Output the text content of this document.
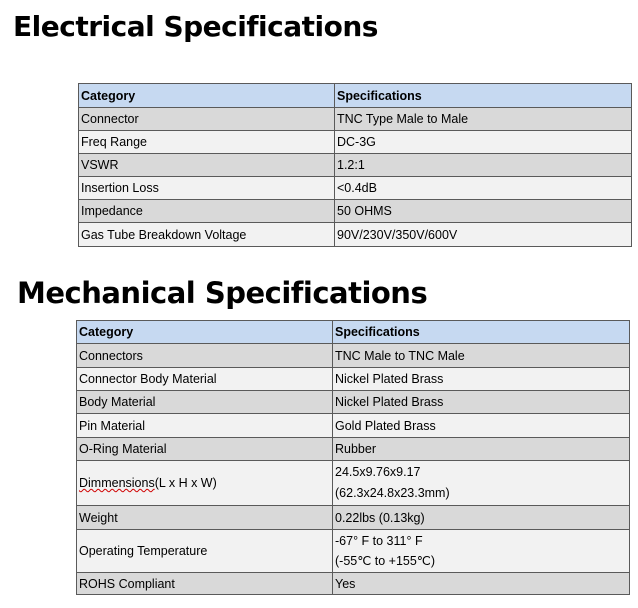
Electrical Specifications
Category	Specifications
Connector	TNC Type Male to Male
Freq Range	DC-3G
VSWR	1.2:1
Insertion Loss	<0.4dB
Impedance	50 OHMS
Gas Tube Breakdown Voltage	90V/230V/350V/600V
Mechanical Specifications
Category	Specifications
Connectors	TNC Male to TNC Male
Connector Body Material	Nickel Plated Brass
Body Material	Nickel Plated Brass
Pin Material	Gold Plated Brass
O-Ring Material	Rubber
Dimmensions(L x H x W)	24.5x9.76x9.17
(62.3x24.8x23.3mm)

Weight	0.22lbs (0.13kg)
Operating Temperature	-67° F to 311° F
(-55℃ to +155℃)

ROHS Compliant	Yes
